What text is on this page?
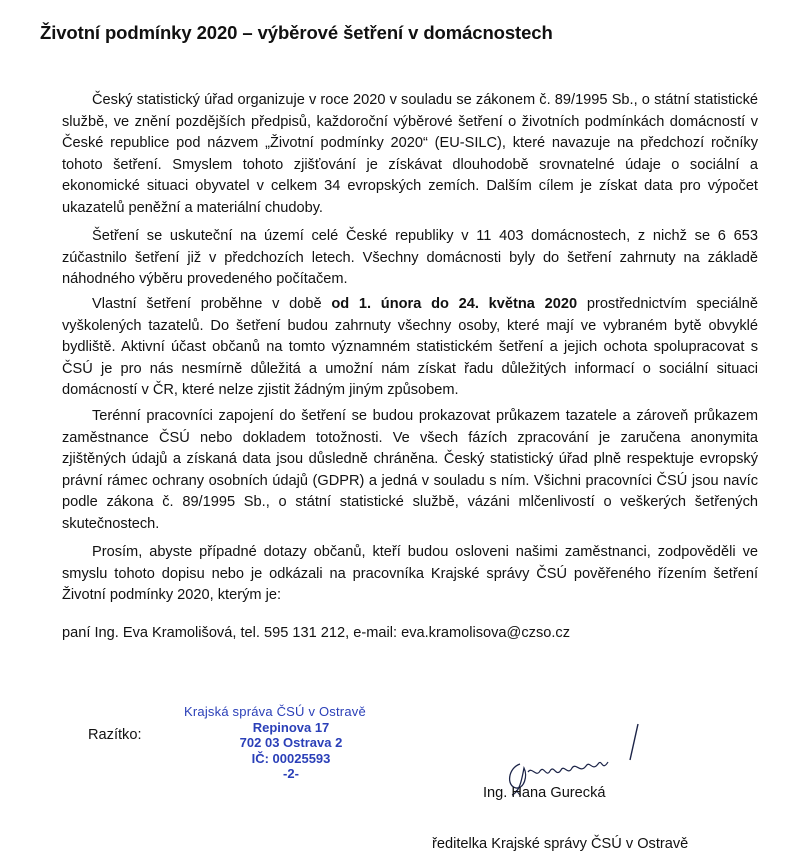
Životní podmínky 2020 – výběrové šetření v domácnostech

Český statistický úřad organizuje v roce 2020 v souladu se zákonem č. 89/1995 Sb., o státní statistické službě, ve znění pozdějších předpisů, každoroční výběrové šetření o životních podmínkách domácností v České republice pod názvem „Životní podmínky 2020“ (EU-SILC), které navazuje na předchozí ročníky tohoto šetření. Smyslem tohoto zjišťování je získávat dlouhodobě srovnatelné údaje o sociální a ekonomické situaci obyvatel v celkem 34 evropských zemích. Dalším cílem je získat data pro výpočet ukazatelů peněžní a materiální chudoby.

Šetření se uskuteční na území celé České republiky v 11 403 domácnostech, z nichž se 6 653 zúčastnilo šetření již v předchozích letech. Všechny domácnosti byly do šetření zahrnuty na základě náhodného výběru provedeného počítačem.

Vlastní šetření proběhne v době od 1. února do 24. května 2020 prostřednictvím speciálně vyškolených tazatelů. Do šetření budou zahrnuty všechny osoby, které mají ve vybraném bytě obvyklé bydliště. Aktivní účast občanů na tomto významném statistickém šetření a jejich ochota spolupracovat s ČSÚ je pro nás nesmírně důležitá a umožní nám získat řadu důležitých informací o sociální situaci domácností v ČR, které nelze zjistit žádným jiným způsobem.

Terénní pracovníci zapojení do šetření se budou prokazovat průkazem tazatele a zároveň průkazem zaměstnance ČSÚ nebo dokladem totožnosti. Ve všech fázích zpracování je zaručena anonymita zjištěných údajů a získaná data jsou důsledně chráněna. Český statistický úřad plně respektuje evropský právní rámec ochrany osobních údajů (GDPR) a jedná v souladu s ním. Všichni pracovníci ČSÚ jsou navíc podle zákona č. 89/1995 Sb., o státní statistické službě, vázáni mlčenlivostí o veškerých šetřených skutečnostech.

Prosím, abyste případné dotazy občanů, kteří budou osloveni našimi zaměstnanci, zodpověděli ve smyslu tohoto dopisu nebo je odkázali na pracovníka Krajské správy ČSÚ pověřeného řízením šetření Životní podmínky 2020, kterým je:

paní Ing. Eva Kramolišová, tel. 595 131 212, e-mail: eva.kramolisova@czso.cz
Razítko:
Krajská správa ČSÚ v Ostravě
Repinova 17
702 03 Ostrava 2
IČ: 00025593
-2-
Ing. Hana Gurecká
ředitelka Krajské správy ČSÚ v Ostravě
